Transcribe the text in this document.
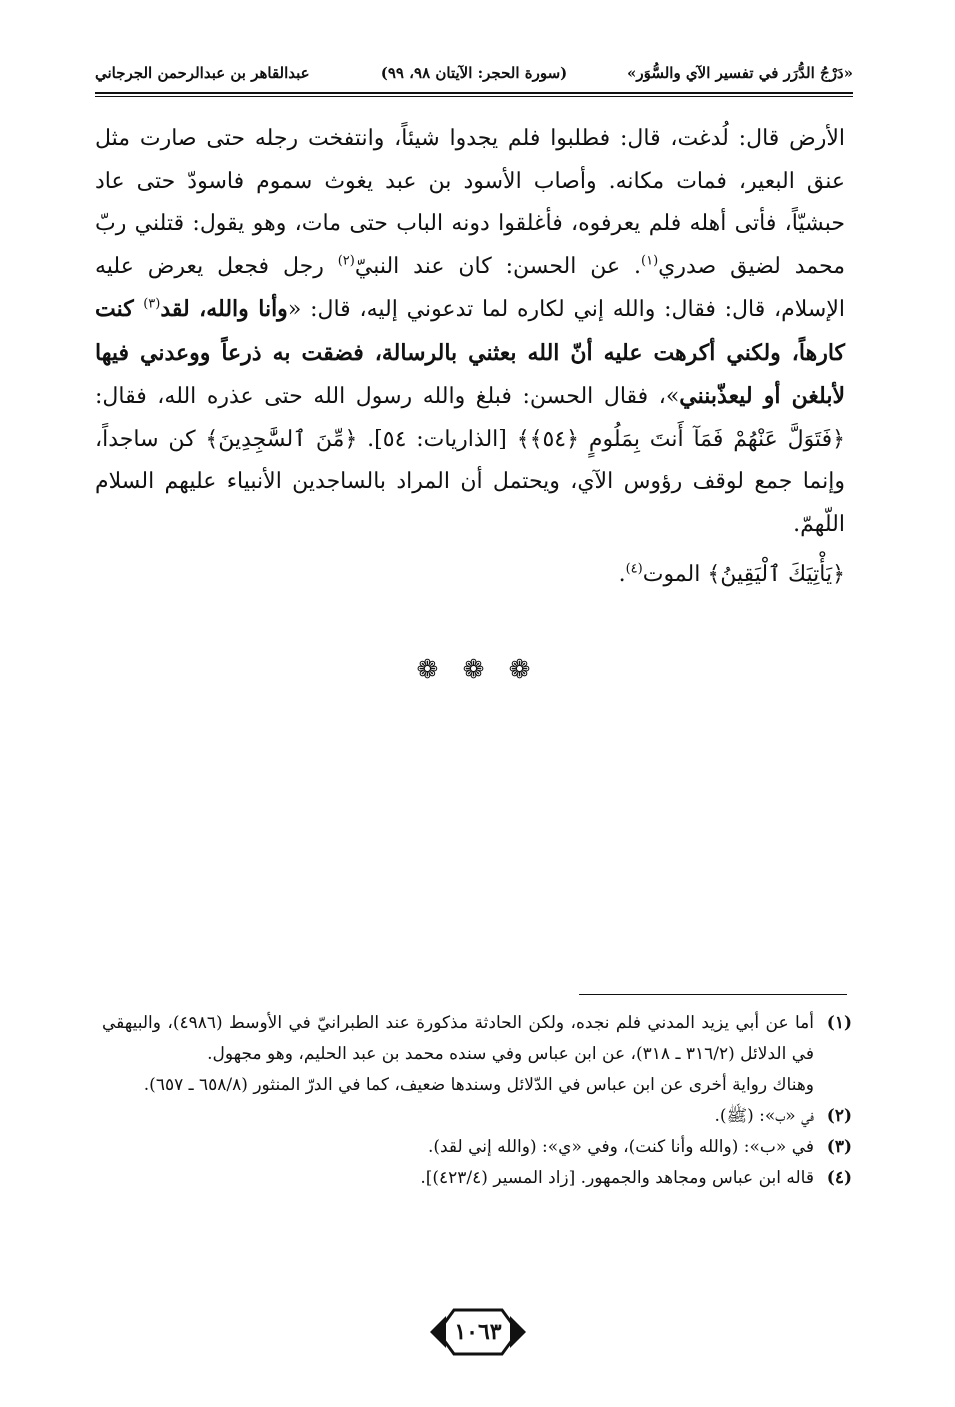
«دَرْجُ الدُّرَر في تفسير الآي والسُّوَر»
(سورة الحجر: الآيتان ٩٨، ٩٩)
عبدالقاهر بن عبدالرحمن الجرجاني

الأرض قال: لُدغت، قال: فطلبوا فلم يجدوا شيئاً، وانتفخت رجله حتى صارت مثل عنق البعير، فمات مكانه. وأصاب الأسود بن عبد يغوث سموم فاسودّ حتى عاد حبشيّاً، فأتى أهله فلم يعرفوه، فأغلقوا دونه الباب حتى مات، وهو يقول: قتلني ربّ محمد لضيق صدري$^{(١)}$. عن الحسن: كان عند النبيّ$^{(٢)}$ رجل فجعل يعرض عليه الإسلام، قال: فقال: والله إني لكاره لما تدعوني إليه، قال: «وأنا والله، لقد$^{(٣)}$ كنت كارهاً، ولكني أكرهت عليه أنّ الله بعثني بالرسالة، فضقت به ذرعاً ووعدني فيها لأبلغن أو ليعذّبنني»، فقال الحسن: فبلغ والله رسول الله حتى عذره الله، فقال: ﴿فَتَوَلَّ عَنْهُمْ فَمَآ أَنتَ بِمَلُومٍ ﴿٥٤﴾﴾ [الذاريات: ٥٤]. ﴿مِّنَ ٱلسَّٰجِدِينَ﴾ كن ساجداً، وإنما جمع لوقف رؤوس الآي، ويحتمل أن المراد بالساجدين الأنبياء عليهم السلام اللّهمّ.

﴿يَأْتِيَكَ ٱلْيَقِينُ﴾ الموت$^{(٤)}$.

❁ ❁ ❁
(١)

أما عن أبي يزيد المدني فلم نجده، ولكن الحادثة مذكورة عند الطبرانيّ في الأوسط (٤٩٨٦)، والبيهقي في الدلائل (٣١٦/٢ ـ ٣١٨)، عن ابن عباس وفي سنده محمد بن عبد الحليم، وهو مجهول.

وهناك رواية أخرى عن ابن عباس في الدّلائل وسندها ضعيف، كما في الدرّ المنثور (٦٥٨/٨ ـ ٦٥٧).

(٢)

في «ب»: (ﷺ).

(٣)

في «ب»: (والله وأنا كنت)، وفي «ي»: (والله إني لقد).

(٤)

قاله ابن عباس ومجاهد والجمهور. [زاد المسير (٤٢٣/٤)].

١٠٦٣
